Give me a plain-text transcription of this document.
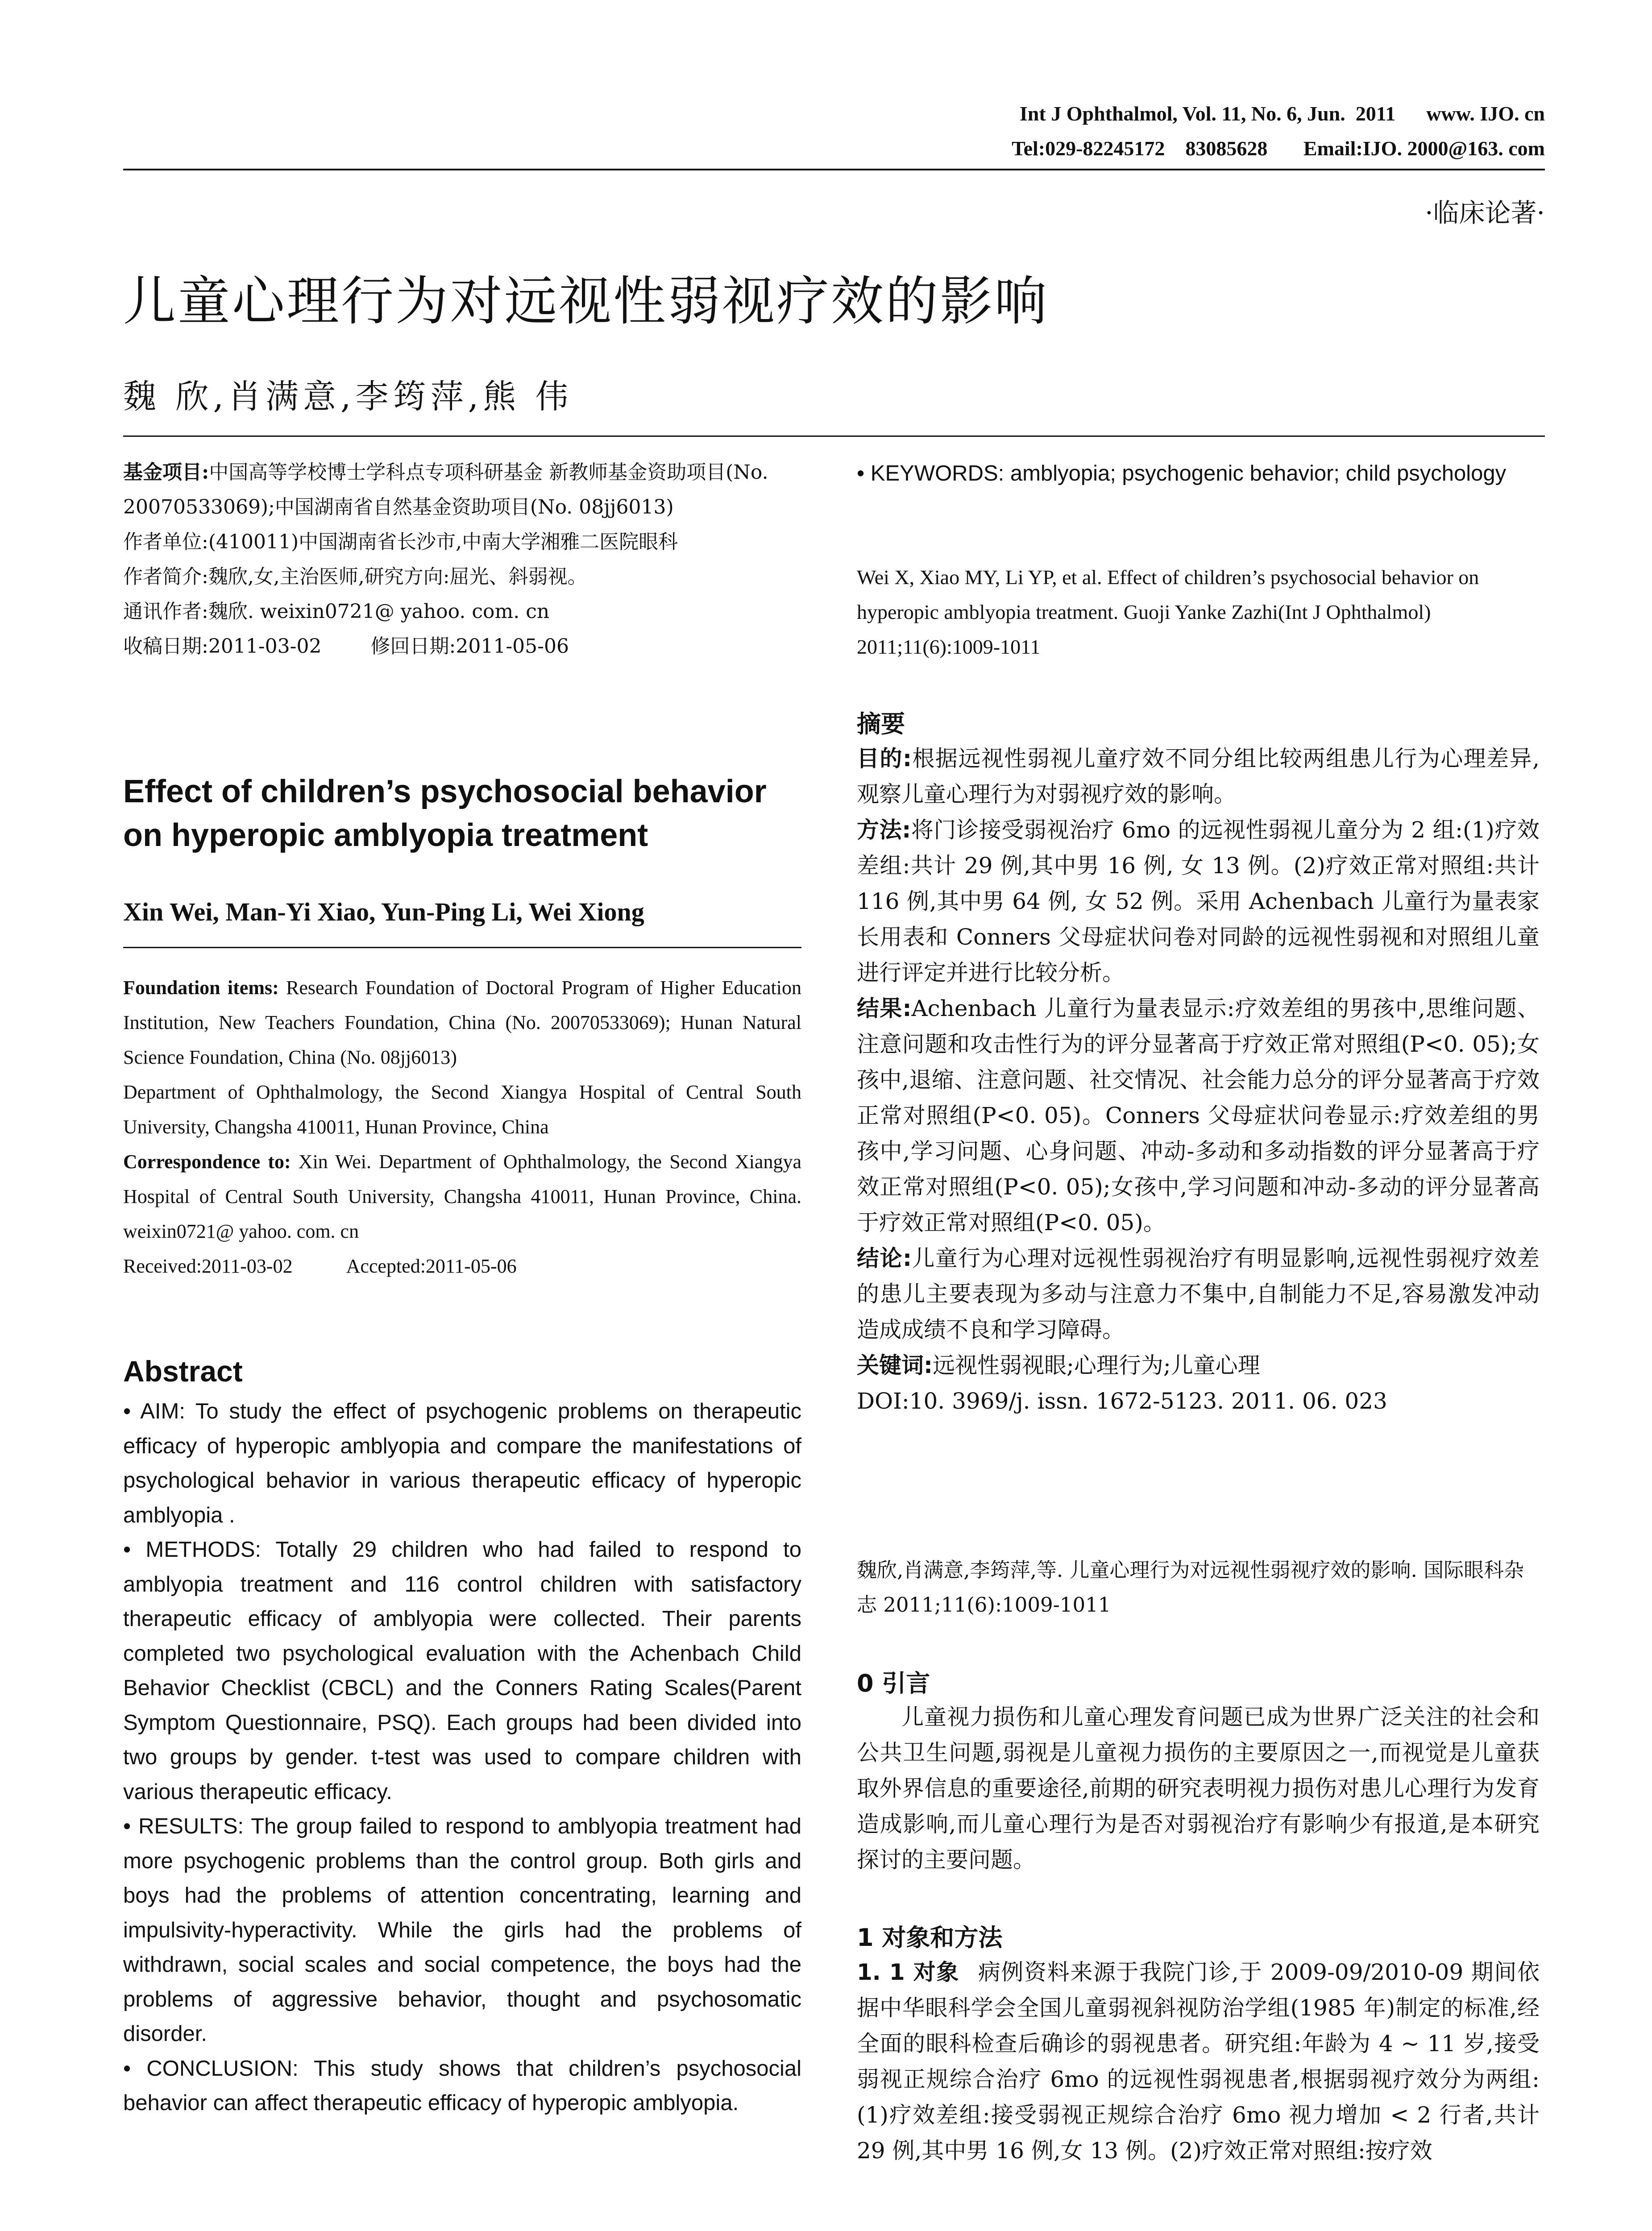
Int J Ophthalmol, Vol. 11, No. 6, Jun.  2011      www. IJO. cn
Tel:029-82245172    83085628       Email:IJO. 2000@163. com
·临床论著·
儿童心理行为对远视性弱视疗效的影响
魏 欣,肖满意,李筠萍,熊 伟

基金项目:中国高等学校博士学科点专项科研基金 新教师基金资助项目(No. 20070533069);中国湖南省自然基金资助项目(No. 08jj6013)

作者单位:(410011)中国湖南省长沙市,中南大学湘雅二医院眼科

作者简介:魏欣,女,主治医师,研究方向:屈光、斜弱视。

通讯作者:魏欣. weixin0721@ yahoo. com. cn

收稿日期:2011-03-02	修回日期:2011-05-06

Effect of children’s psychosocial behavior
on hyperopic amblyopia treatment
Xin Wei, Man-Yi Xiao, Yun-Ping Li, Wei Xiong

Foundation items: Research Foundation of Doctoral Program of Higher Education Institution, New Teachers Foundation, China (No. 20070533069); Hunan Natural Science Foundation, China (No. 08jj6013)

Department of Ophthalmology, the Second Xiangya Hospital of Central South University, Changsha 410011, Hunan Province, China

Correspondence to: Xin Wei. Department of Ophthalmology, the Second Xiangya Hospital of Central South University, Changsha 410011, Hunan Province, China. weixin0721@ yahoo. com. cn

Received:2011-03-02	Accepted:2011-05-06

Abstract

• AIM: To study the effect of psychogenic problems on therapeutic efficacy of hyperopic amblyopia and compare the manifestations of psychological behavior in various therapeutic efficacy of hyperopic amblyopia .

• METHODS: Totally 29 children who had failed to respond to amblyopia treatment and 116 control children with satisfactory therapeutic efficacy of amblyopia were collected. Their parents completed two psychological evaluation with the Achenbach Child Behavior Checklist (CBCL) and the Conners Rating Scales(Parent Symptom Questionnaire, PSQ). Each groups had been divided into two groups by gender. t-test was used to compare children with various therapeutic efficacy.

• RESULTS: The group failed to respond to amblyopia treatment had more psychogenic problems than the control group. Both girls and boys had the problems of attention concentrating, learning and impulsivity-hyperactivity. While the girls had the problems of withdrawn, social scales and social competence, the boys had the problems of aggressive behavior, thought and psychosomatic disorder.

• CONCLUSION: This study shows that children’s psychosocial behavior can affect therapeutic efficacy of hyperopic amblyopia.

• KEYWORDS: amblyopia; psychogenic behavior; child psychology
Wei X, Xiao MY, Li YP, et al. Effect of children’s psychosocial behavior on hyperopic amblyopia treatment. Guoji Yanke Zazhi(Int J Ophthalmol) 2011;11(6):1009-1011
摘要

目的:根据远视性弱视儿童疗效不同分组比较两组患儿行为心理差异,观察儿童心理行为对弱视疗效的影响。

方法:将门诊接受弱视治疗 6mo 的远视性弱视儿童分为 2 组:(1)疗效差组:共计 29 例,其中男 16 例, 女 13 例。(2)疗效正常对照组:共计 116 例,其中男 64 例, 女 52 例。采用 Achenbach 儿童行为量表家长用表和 Conners 父母症状问卷对同龄的远视性弱视和对照组儿童进行评定并进行比较分析。

结果:Achenbach 儿童行为量表显示:疗效差组的男孩中,思维问题、注意问题和攻击性行为的评分显著高于疗效正常对照组(P<0. 05);女孩中,退缩、注意问题、社交情况、社会能力总分的评分显著高于疗效正常对照组(P<0. 05)。Conners 父母症状问卷显示:疗效差组的男孩中,学习问题、心身问题、冲动-多动和多动指数的评分显著高于疗效正常对照组(P<0. 05);女孩中,学习问题和冲动-多动的评分显著高于疗效正常对照组(P<0. 05)。

结论:儿童行为心理对远视性弱视治疗有明显影响,远视性弱视疗效差的患儿主要表现为多动与注意力不集中,自制能力不足,容易激发冲动造成成绩不良和学习障碍。

关键词:远视性弱视眼;心理行为;儿童心理

DOI:10. 3969/j. issn. 1672-5123. 2011. 06. 023

魏欣,肖满意,李筠萍,等. 儿童心理行为对远视性弱视疗效的影响. 国际眼科杂志 2011;11(6):1009-1011
0 引言
儿童视力损伤和儿童心理发育问题已成为世界广泛关注的社会和公共卫生问题,弱视是儿童视力损伤的主要原因之一,而视觉是儿童获取外界信息的重要途径,前期的研究表明视力损伤对患儿心理行为发育造成影响,而儿童心理行为是否对弱视治疗有影响少有报道,是本研究探讨的主要问题。
1 对象和方法

1. 1 对象 病例资料来源于我院门诊,于 2009-09/2010-09 期间依据中华眼科学会全国儿童弱视斜视防治学组(1985 年)制定的标准,经全面的眼科检查后确诊的弱视患者。研究组:年龄为 4 ~ 11 岁,接受弱视正规综合治疗 6mo 的远视性弱视患者,根据弱视疗效分为两组:(1)疗效差组:接受弱视正规综合治疗 6mo 视力增加 < 2 行者,共计 29 例,其中男 16 例,女 13 例。(2)疗效正常对照组:按疗效
